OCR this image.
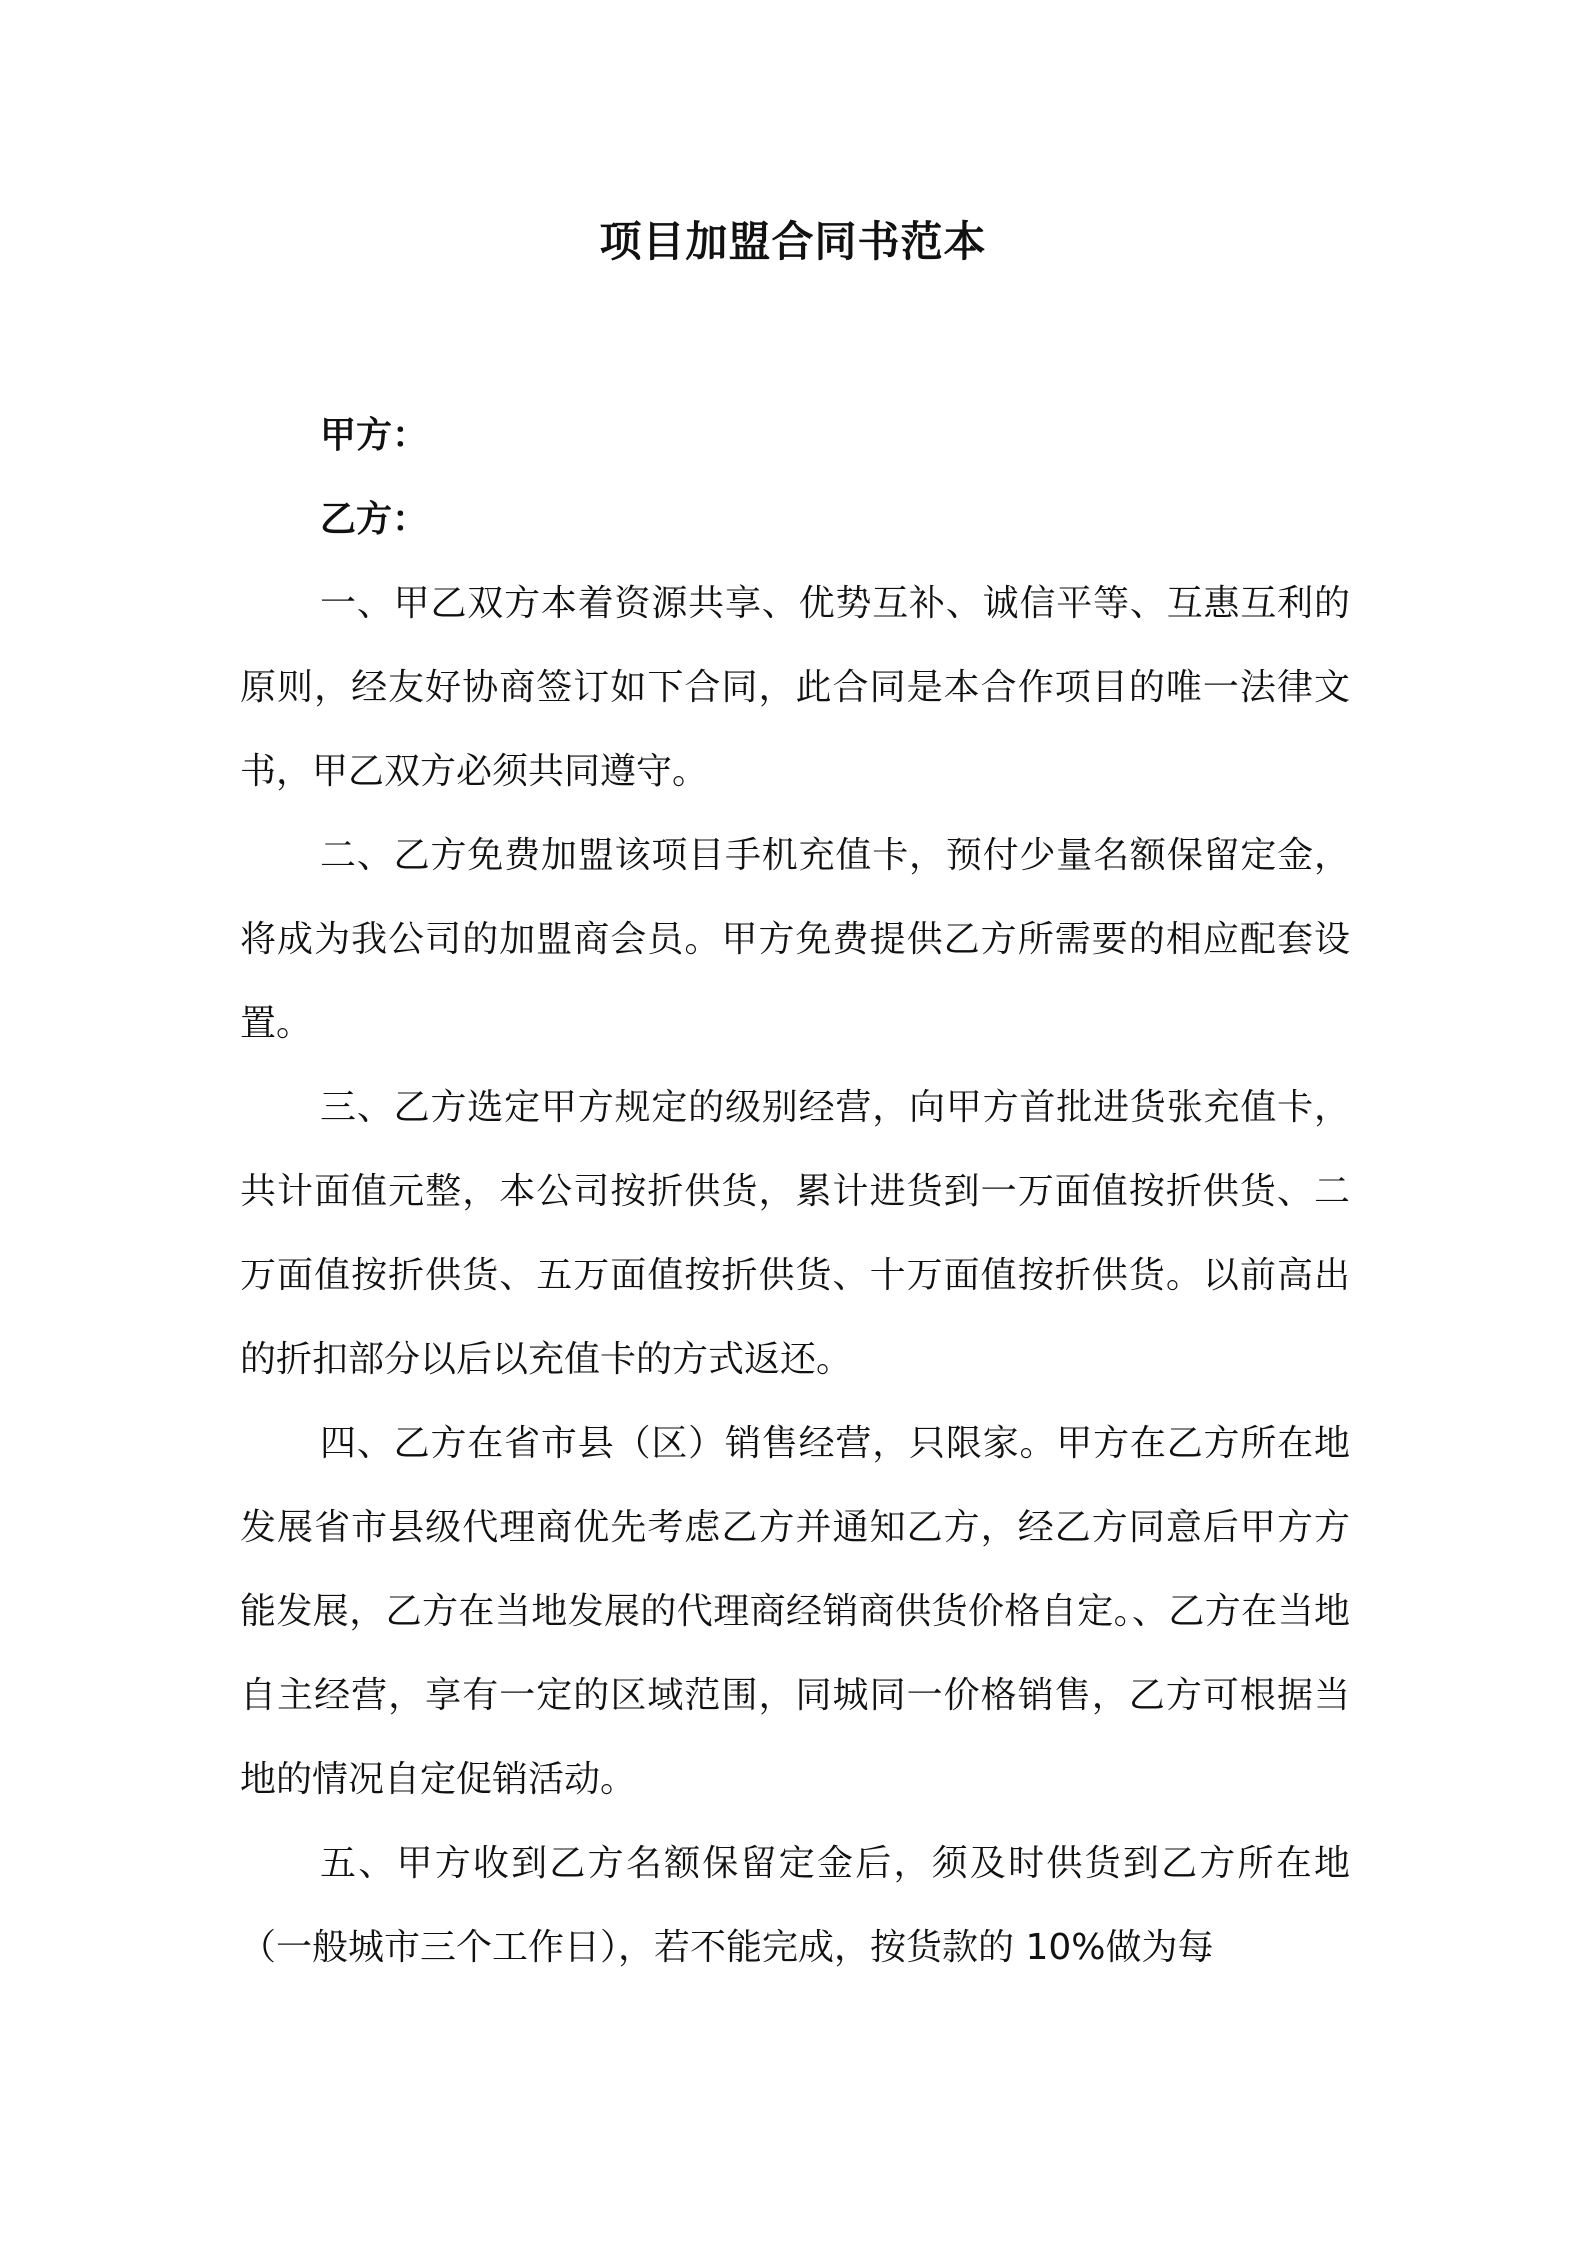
项目加盟合同书范本
甲方：
乙方：

一、甲乙双方本着资源共享、优势互补、诚信平等、互惠互利的原则，经友好协商签订如下合同，此合同是本合作项目的唯一法律文书，甲乙双方必须共同遵守。

二、乙方免费加盟该项目手机充值卡，预付少量名额保留定金，将成为我公司的加盟商会员。甲方免费提供乙方所需要的相应配套设置。

三、乙方选定甲方规定的级别经营，向甲方首批进货张充值卡，共计面值元整，本公司按折供货，累计进货到一万面值按折供货、二万面值按折供货、五万面值按折供货、十万面值按折供货。以前高出的折扣部分以后以充值卡的方式返还。

四、乙方在省市县（区）销售经营，只限家。甲方在乙方所在地发展省市县级代理商优先考虑乙方并通知乙方，经乙方同意后甲方方能发展，乙方在当地发展的代理商经销商供货价格自定。、乙方在当地自主经营，享有一定的区域范围，同城同一价格销售，乙方可根据当地的情况自定促销活动。

五、甲方收到乙方名额保留定金后，须及时供货到乙方所在地（一般城市三个工作日），若不能完成，按货款的 10%做为每
